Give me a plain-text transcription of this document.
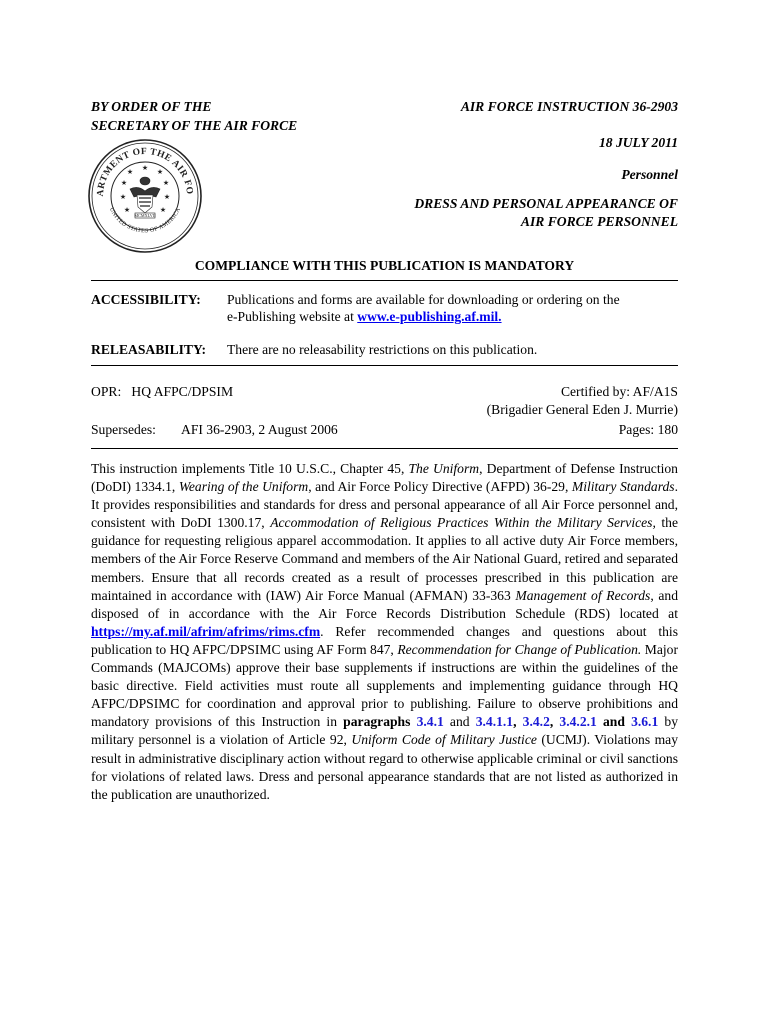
BY ORDER OF THE
SECRETARY OF THE AIR FORCE
AIR FORCE INSTRUCTION 36-2903
18 JULY 2011
Personnel
DRESS AND PERSONAL APPEARANCE OF
AIR FORCE PERSONNEL
ARTMENT OF THE AIR FO
UNITED STATES OF AMERICA
★ ★ ★
★	★
★	★
★	★
MCMXLVII
COMPLIANCE WITH THIS PUBLICATION IS MANDATORY
ACCESSIBILITY: Publications and forms are available for downloading or ordering on the
e-Publishing website at www.e-publishing.af.mil.
RELEASABILITY: There are no releasability restrictions on this publication.
OPR:   HQ AFPC/DPSIM	Certified by: AF/A1S
(Brigadier General Eden J. Murrie)
Supersedes: AFI 36-2903, 2 August 2006	Pages: 180
This instruction implements Title 10 U.S.C., Chapter 45, The Uniform, Department of Defense Instruction (DoDI) 1334.1, Wearing of the Uniform, and Air Force Policy Directive (AFPD) 36-29, Military Standards. It provides responsibilities and standards for dress and personal appearance of all Air Force personnel and, consistent with DoDI 1300.17, Accommodation of Religious Practices Within the Military Services, the guidance for requesting religious apparel accommodation. It applies to all active duty Air Force members, members of the Air Force Reserve Command and members of the Air National Guard, retired and separated members. Ensure that all records created as a result of processes prescribed in this publication are maintained in accordance with (IAW) Air Force Manual (AFMAN) 33-363 Management of Records, and disposed of in accordance with the Air Force Records Distribution Schedule (RDS) located at https://my.af.mil/afrim/afrims/rims.cfm. Refer recommended changes and questions about this publication to HQ AFPC/DPSIMC using AF Form 847, Recommendation for Change of Publication. Major Commands (MAJCOMs) approve their base supplements if instructions are within the guidelines of the basic directive. Field activities must route all supplements and implementing guidance through HQ AFPC/DPSIMC for coordination and approval prior to publishing. Failure to observe prohibitions and mandatory provisions of this Instruction in paragraphs 3.4.1 and 3.4.1.1, 3.4.2, 3.4.2.1 and 3.6.1 by military personnel is a violation of Article 92, Uniform Code of Military Justice (UCMJ). Violations may result in administrative disciplinary action without regard to otherwise applicable criminal or civil sanctions for violations of related laws. Dress and personal appearance standards that are not listed as authorized in the publication are unauthorized.
